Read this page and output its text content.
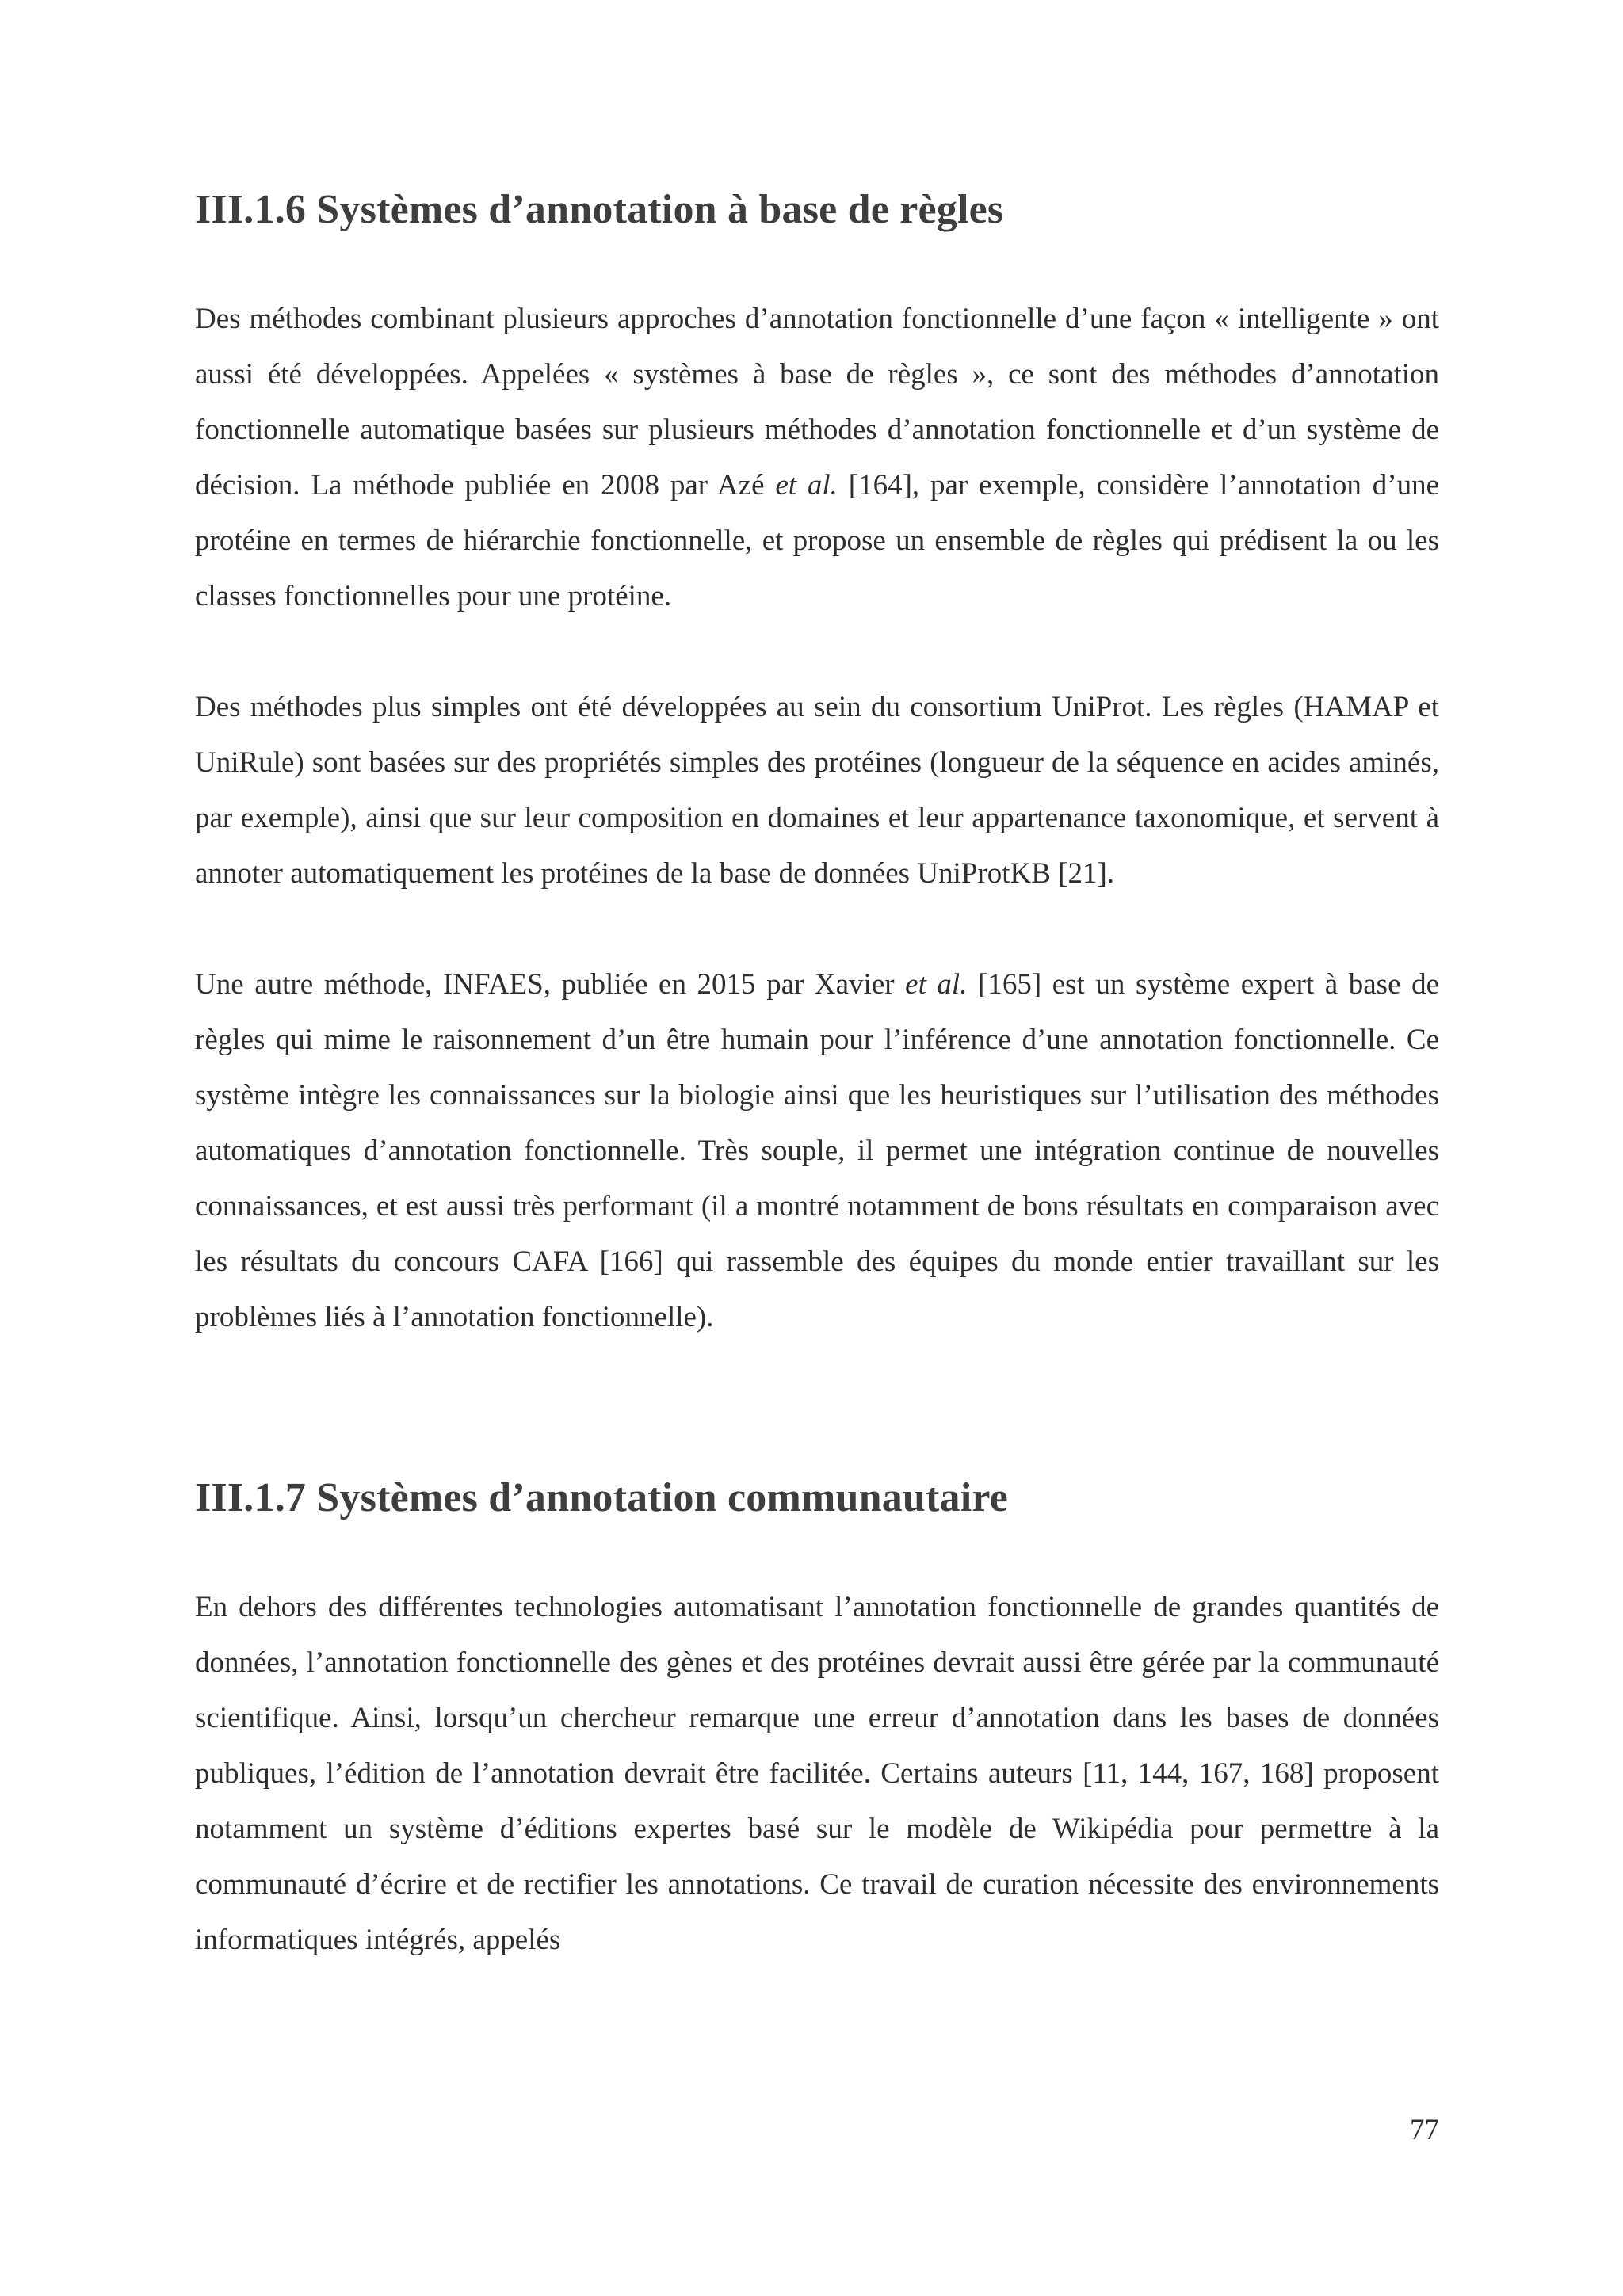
III.1.6 Systèmes d’annotation à base de règles

Des méthodes combinant plusieurs approches d’annotation fonctionnelle d’une façon « intelligente » ont aussi été développées. Appelées « systèmes à base de règles », ce sont des méthodes d’annotation fonctionnelle automatique basées sur plusieurs méthodes d’annotation fonctionnelle et d’un système de décision. La méthode publiée en 2008 par Azé et al. [164], par exemple, considère l’annotation d’une protéine en termes de hiérarchie fonctionnelle, et propose un ensemble de règles qui prédisent la ou les classes fonctionnelles pour une protéine.

Des méthodes plus simples ont été développées au sein du consortium UniProt. Les règles (HAMAP et UniRule) sont basées sur des propriétés simples des protéines (longueur de la séquence en acides aminés, par exemple), ainsi que sur leur composition en domaines et leur appartenance taxonomique, et servent à annoter automatiquement les protéines de la base de données UniProtKB [21].

Une autre méthode, INFAES, publiée en 2015 par Xavier et al. [165] est un système expert à base de règles qui mime le raisonnement d’un être humain pour l’inférence d’une annotation fonctionnelle. Ce système intègre les connaissances sur la biologie ainsi que les heuristiques sur l’utilisation des méthodes automatiques d’annotation fonctionnelle. Très souple, il permet une intégration continue de nouvelles connaissances, et est aussi très performant (il a montré notamment de bons résultats en comparaison avec les résultats du concours CAFA [166] qui rassemble des équipes du monde entier travaillant sur les problèmes liés à l’annotation fonctionnelle).

III.1.7 Systèmes d’annotation communautaire

En dehors des différentes technologies automatisant l’annotation fonctionnelle de grandes quantités de données, l’annotation fonctionnelle des gènes et des protéines devrait aussi être gérée par la communauté scientifique. Ainsi, lorsqu’un chercheur remarque une erreur d’annotation dans les bases de données publiques, l’édition de l’annotation devrait être facilitée. Certains auteurs [11, 144, 167, 168] proposent notamment un système d’éditions expertes basé sur le modèle de Wikipédia pour permettre à la communauté d’écrire et de rectifier les annotations. Ce travail de curation nécessite des environnements informatiques intégrés, appelés

77
